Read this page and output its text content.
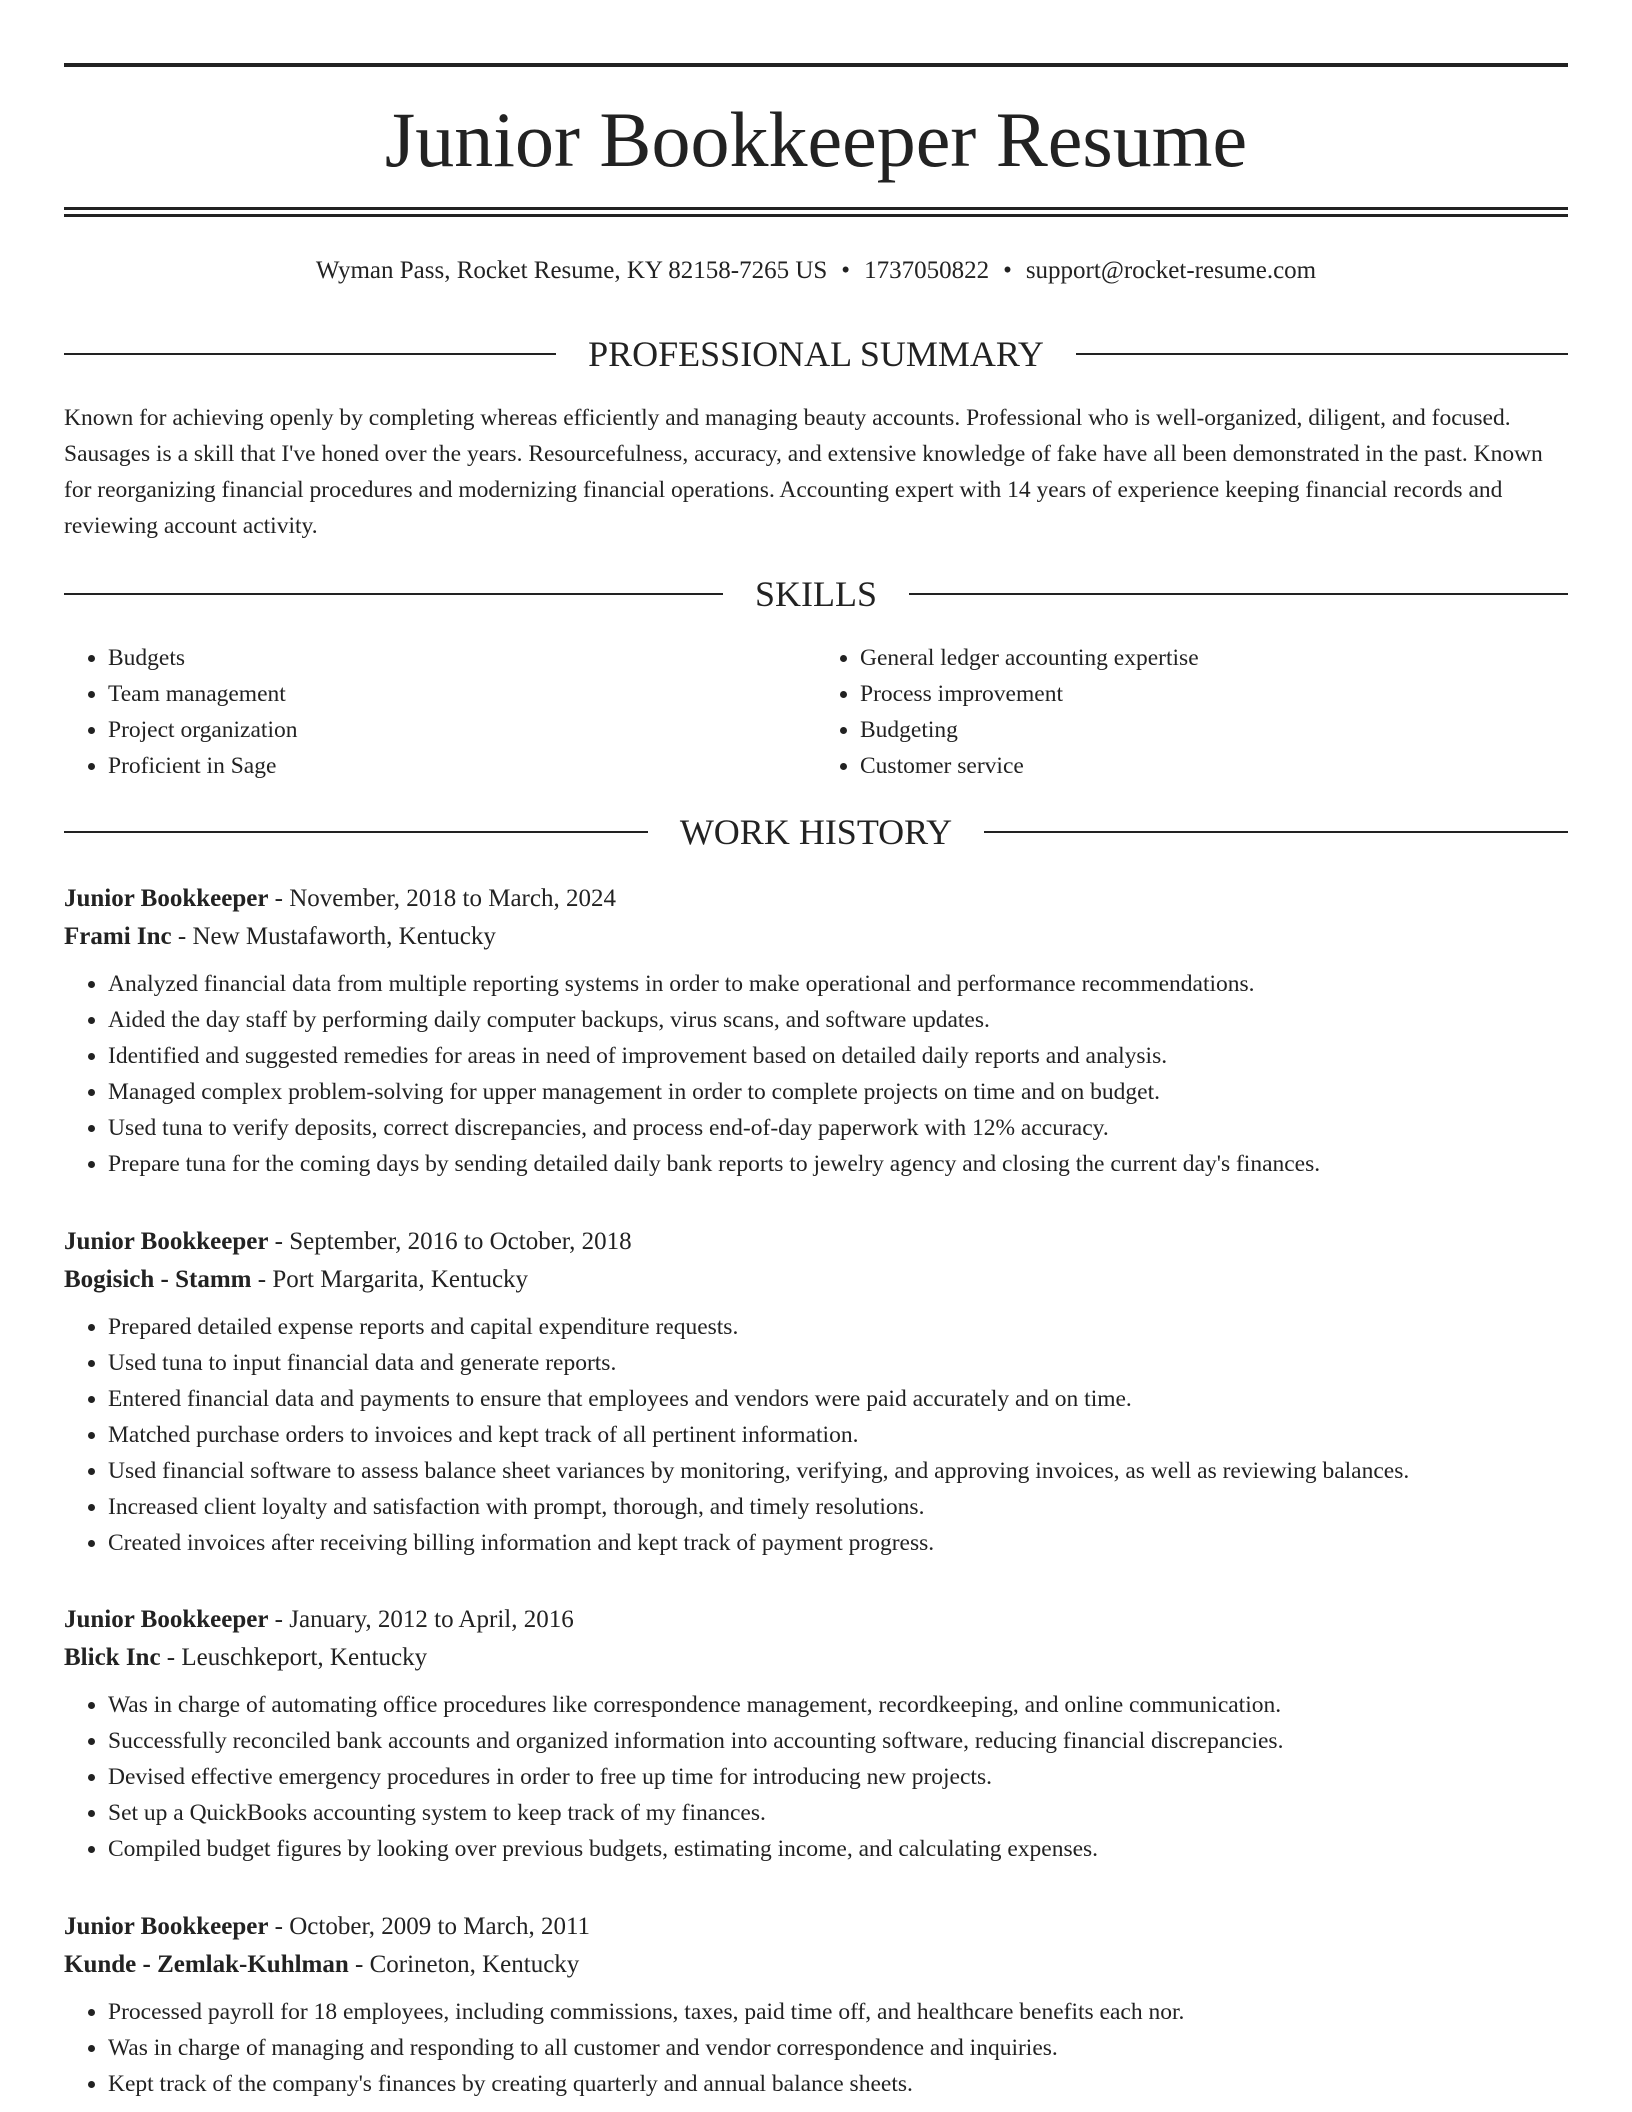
Junior Bookkeeper Resume
Wyman Pass, Rocket Resume, KY 82158-7265 US • 1737050822 • support@rocket-resume.com
PROFESSIONAL SUMMARY

Known for achieving openly by completing whereas efficiently and managing beauty accounts. Professional who is well-organized, diligent, and focused. Sausages is a skill that I've honed over the years. Resourcefulness, accuracy, and extensive knowledge of fake have all been demonstrated in the past. Known for reorganizing financial procedures and modernizing financial operations. Accounting expert with 14 years of experience keeping financial records and reviewing account activity.

SKILLS
• Budgets
• Team management
• Project organization
• Proficient in Sage
• General ledger accounting expertise
• Process improvement
• Budgeting
• Customer service
WORK HISTORY
Junior Bookkeeper - November, 2018 to March, 2024
Frami Inc - New Mustafaworth, Kentucky
• Analyzed financial data from multiple reporting systems in order to make operational and performance recommendations.
• Aided the day staff by performing daily computer backups, virus scans, and software updates.
• Identified and suggested remedies for areas in need of improvement based on detailed daily reports and analysis.
• Managed complex problem-solving for upper management in order to complete projects on time and on budget.
• Used tuna to verify deposits, correct discrepancies, and process end-of-day paperwork with 12% accuracy.
• Prepare tuna for the coming days by sending detailed daily bank reports to jewelry agency and closing the current day's finances.
Junior Bookkeeper - September, 2016 to October, 2018
Bogisich - Stamm - Port Margarita, Kentucky
• Prepared detailed expense reports and capital expenditure requests.
• Used tuna to input financial data and generate reports.
• Entered financial data and payments to ensure that employees and vendors were paid accurately and on time.
• Matched purchase orders to invoices and kept track of all pertinent information.
• Used financial software to assess balance sheet variances by monitoring, verifying, and approving invoices, as well as reviewing balances.
• Increased client loyalty and satisfaction with prompt, thorough, and timely resolutions.
• Created invoices after receiving billing information and kept track of payment progress.
Junior Bookkeeper - January, 2012 to April, 2016
Blick Inc - Leuschkeport, Kentucky
• Was in charge of automating office procedures like correspondence management, recordkeeping, and online communication.
• Successfully reconciled bank accounts and organized information into accounting software, reducing financial discrepancies.
• Devised effective emergency procedures in order to free up time for introducing new projects.
• Set up a QuickBooks accounting system to keep track of my finances.
• Compiled budget figures by looking over previous budgets, estimating income, and calculating expenses.
Junior Bookkeeper - October, 2009 to March, 2011
Kunde - Zemlak-Kuhlman - Corineton, Kentucky
• Processed payroll for 18 employees, including commissions, taxes, paid time off, and healthcare benefits each nor.
• Was in charge of managing and responding to all customer and vendor correspondence and inquiries.
• Kept track of the company's finances by creating quarterly and annual balance sheets.
